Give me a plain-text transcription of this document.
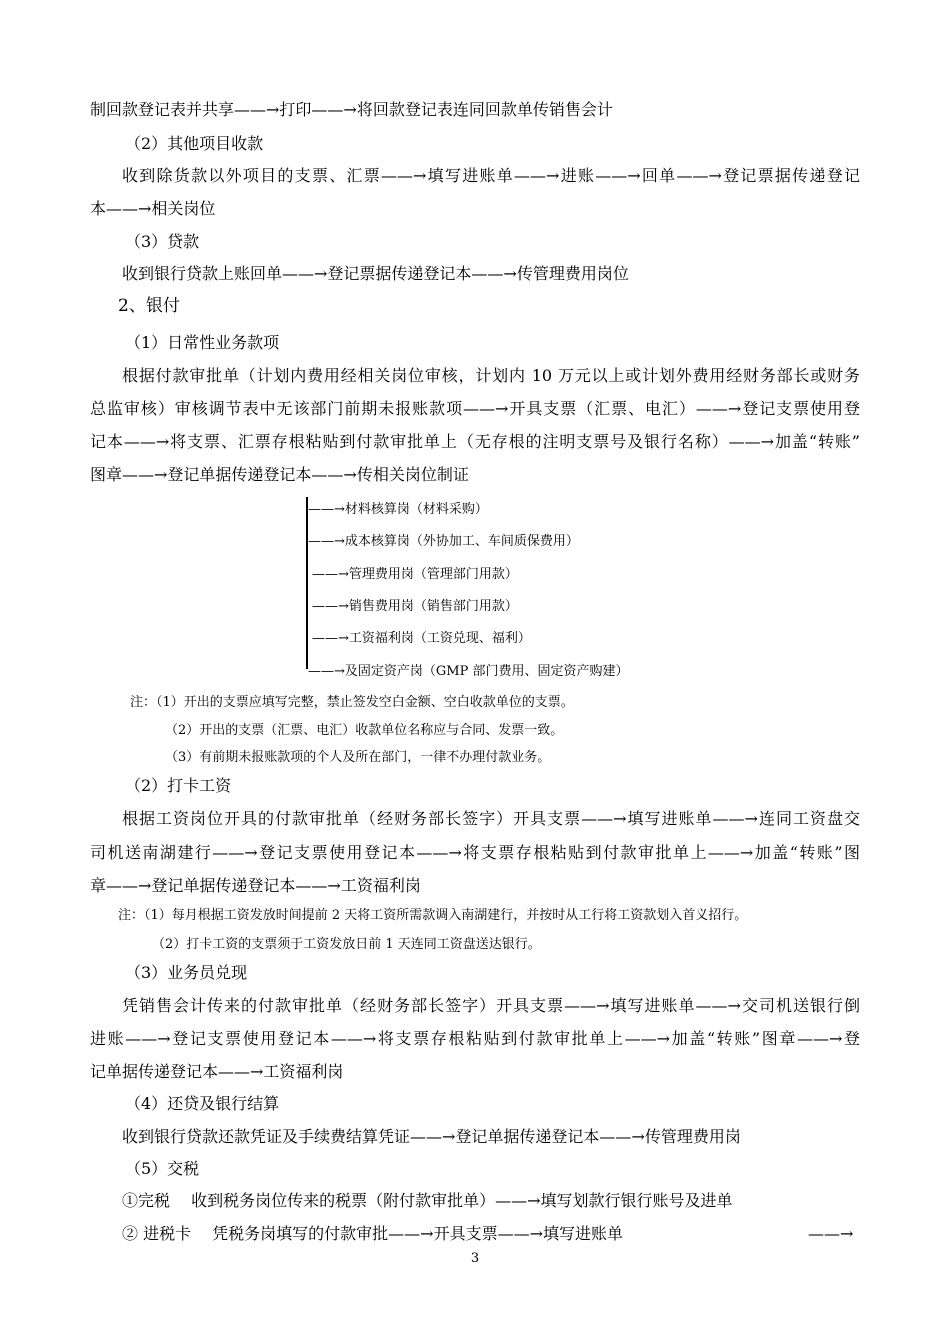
制回款登记表并共享——→打印——→将回款登记表连同回款单传销售会计
（2）其他项目收款
收到除货款以外项目的支票、汇票——→填写进账单——→进账——→回单——→登记票据传递登记
本——→相关岗位
（3）贷款
收到银行贷款上账回单——→登记票据传递登记本——→传管理费用岗位
2、银付
（1）日常性业务款项
根据付款审批单（计划内费用经相关岗位审核，计划内 10 万元以上或计划外费用经财务部长或财务
总监审核）审核调节表中无该部门前期未报账款项——→开具支票（汇票、电汇）——→登记支票使用登
记本——→将支票、汇票存根粘贴到付款审批单上（无存根的注明支票号及银行名称）——→加盖“转账”
图章——→登记单据传递登记本——→传相关岗位制证
——→材料核算岗（材料采购）
——→成本核算岗（外协加工、车间质保费用）
——→管理费用岗（管理部门用款）
——→销售费用岗（销售部门用款）
——→工资福利岗（工资兑现、福利）
——→及固定资产岗（GMP 部门费用、固定资产购建）
注：（1）开出的支票应填写完整，禁止签发空白金额、空白收款单位的支票。
（2）开出的支票（汇票、电汇）收款单位名称应与合同、发票一致。
（3）有前期未报账款项的个人及所在部门，一律不办理付款业务。
（2）打卡工资
根据工资岗位开具的付款审批单（经财务部长签字）开具支票——→填写进账单——→连同工资盘交
司机送南湖建行——→登记支票使用登记本——→将支票存根粘贴到付款审批单上——→加盖“转账”图
章——→登记单据传递登记本——→工资福利岗
注：（1）每月根据工资发放时间提前 2 天将工资所需款调入南湖建行，并按时从工行将工资款划入首义招行。
（2）打卡工资的支票须于工资发放日前 1 天连同工资盘送达银行。
（3）业务员兑现
凭销售会计传来的付款审批单（经财务部长签字）开具支票——→填写进账单——→交司机送银行倒
进账——→登记支票使用登记本——→将支票存根粘贴到付款审批单上——→加盖“转账”图章——→登
记单据传递登记本——→工资福利岗
（4）还贷及银行结算
收到银行贷款还款凭证及手续费结算凭证——→登记单据传递登记本——→传管理费用岗
（5）交税
①完税　 收到税务岗位传来的税票（附付款审批单）——→填写划款行银行账号及进单
② 进税卡　 凭税务岗填写的付款审批——→开具支票——→填写进账单	——→
3
